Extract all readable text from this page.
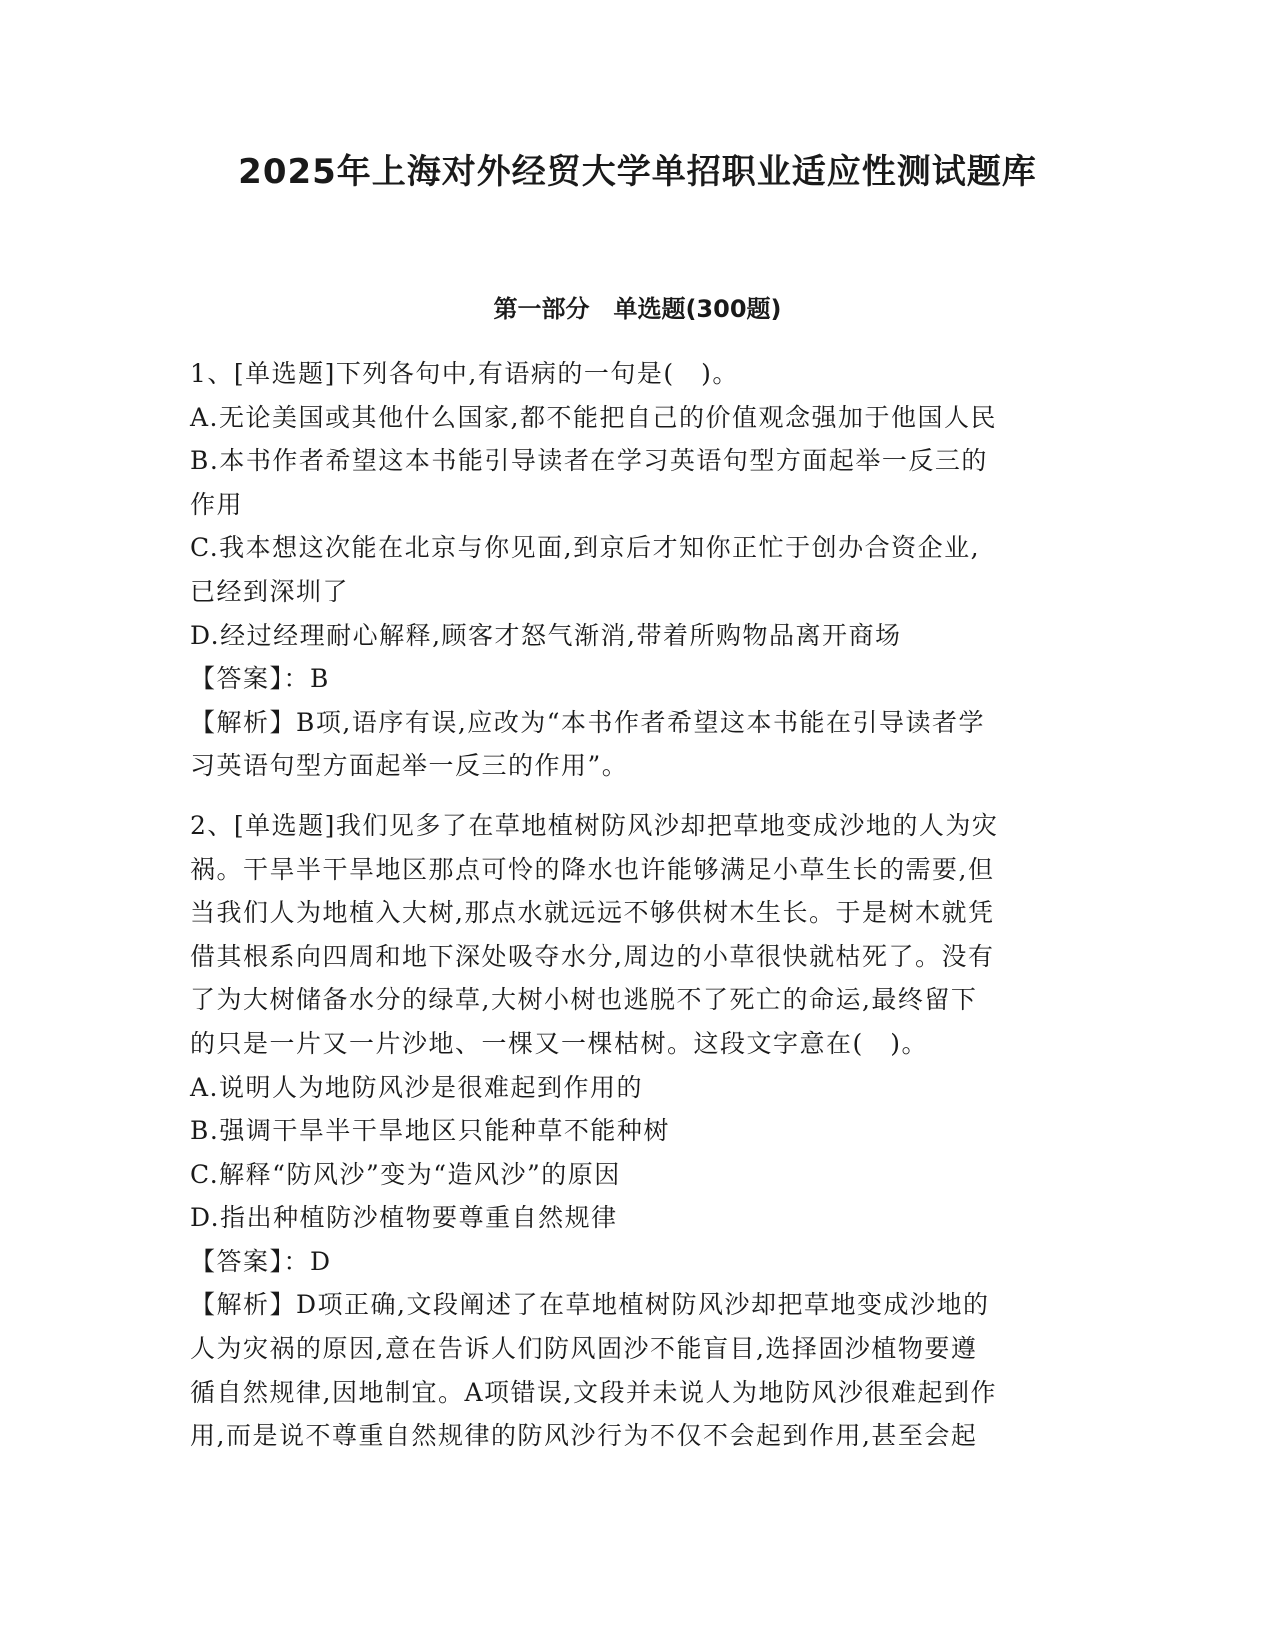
2025年上海对外经贸大学单招职业适应性测试题库
第一部分　单选题(300题)

1、[单选题]下列各句中,有语病的一句是(　)。

A.无论美国或其他什么国家,都不能把自己的价值观念强加于他国人民

B.本书作者希望这本书能引导读者在学习英语句型方面起举一反三的

作用

C.我本想这次能在北京与你见面,到京后才知你正忙于创办合资企业,

已经到深圳了

D.经过经理耐心解释,顾客才怒气渐消,带着所购物品离开商场

【答案】：B

【解析】B项,语序有误,应改为“本书作者希望这本书能在引导读者学

习英语句型方面起举一反三的作用”。

2、[单选题]我们见多了在草地植树防风沙却把草地变成沙地的人为灾

祸。干旱半干旱地区那点可怜的降水也许能够满足小草生长的需要,但

当我们人为地植入大树,那点水就远远不够供树木生长。于是树木就凭

借其根系向四周和地下深处吸夺水分,周边的小草很快就枯死了。没有

了为大树储备水分的绿草,大树小树也逃脱不了死亡的命运,最终留下

的只是一片又一片沙地、一棵又一棵枯树。这段文字意在(　)。

A.说明人为地防风沙是很难起到作用的

B.强调干旱半干旱地区只能种草不能种树

C.解释“防风沙”变为“造风沙”的原因

D.指出种植防沙植物要尊重自然规律

【答案】：D

【解析】D项正确,文段阐述了在草地植树防风沙却把草地变成沙地的

人为灾祸的原因,意在告诉人们防风固沙不能盲目,选择固沙植物要遵

循自然规律,因地制宜。A项错误,文段并未说人为地防风沙很难起到作

用,而是说不尊重自然规律的防风沙行为不仅不会起到作用,甚至会起
